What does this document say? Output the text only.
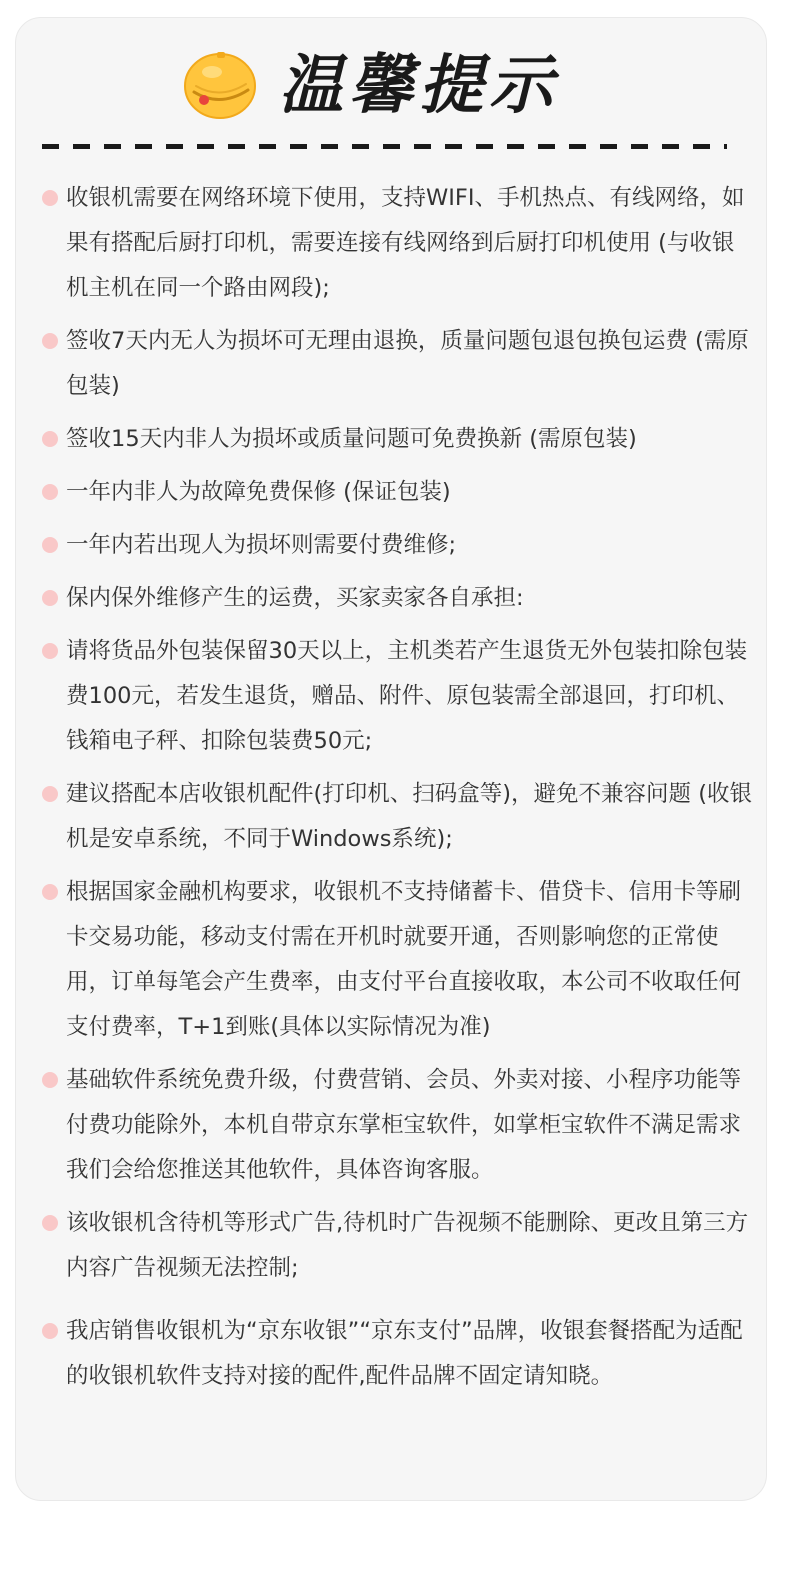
温馨提示
收银机需要在网络环境下使用，支持WIFI、手机热点、有线网络，如果有搭配后厨打印机，需要连接有线网络到后厨打印机使用 (与收银机主机在同一个路由网段);
签收7天内无人为损坏可无理由退换，质量问题包退包换包运费 (需原包装)
签收15天内非人为损坏或质量问题可免费换新 (需原包装)
一年内非人为故障免费保修 (保证包装)
一年内若出现人为损坏则需要付费维修;
保内保外维修产生的运费，买家卖家各自承担:
请将货品外包装保留30天以上，主机类若产生退货无外包装扣除包装费100元，若发生退货，赠品、附件、原包装需全部退回，打印机、钱箱电子秤、扣除包装费50元;
建议搭配本店收银机配件(打印机、扫码盒等)，避免不兼容问题 (收银机是安卓系统，不同于Windows系统);
根据国家金融机构要求，收银机不支持储蓄卡、借贷卡、信用卡等刷卡交易功能，移动支付需在开机时就要开通，否则影响您的正常使用，订单每笔会产生费率，由支付平台直接收取，本公司不收取任何支付费率，T+1到账(具体以实际情况为准)
基础软件系统免费升级，付费营销、会员、外卖对接、小程序功能等付费功能除外，本机自带京东掌柜宝软件，如掌柜宝软件不满足需求我们会给您推送其他软件，具体咨询客服。
该收银机含待机等形式广告,待机时广告视频不能删除、更改且第三方内容广告视频无法控制;
我店销售收银机为“京东收银”“京东支付”品牌，收银套餐搭配为适配的收银机软件支持对接的配件,配件品牌不固定请知晓。
